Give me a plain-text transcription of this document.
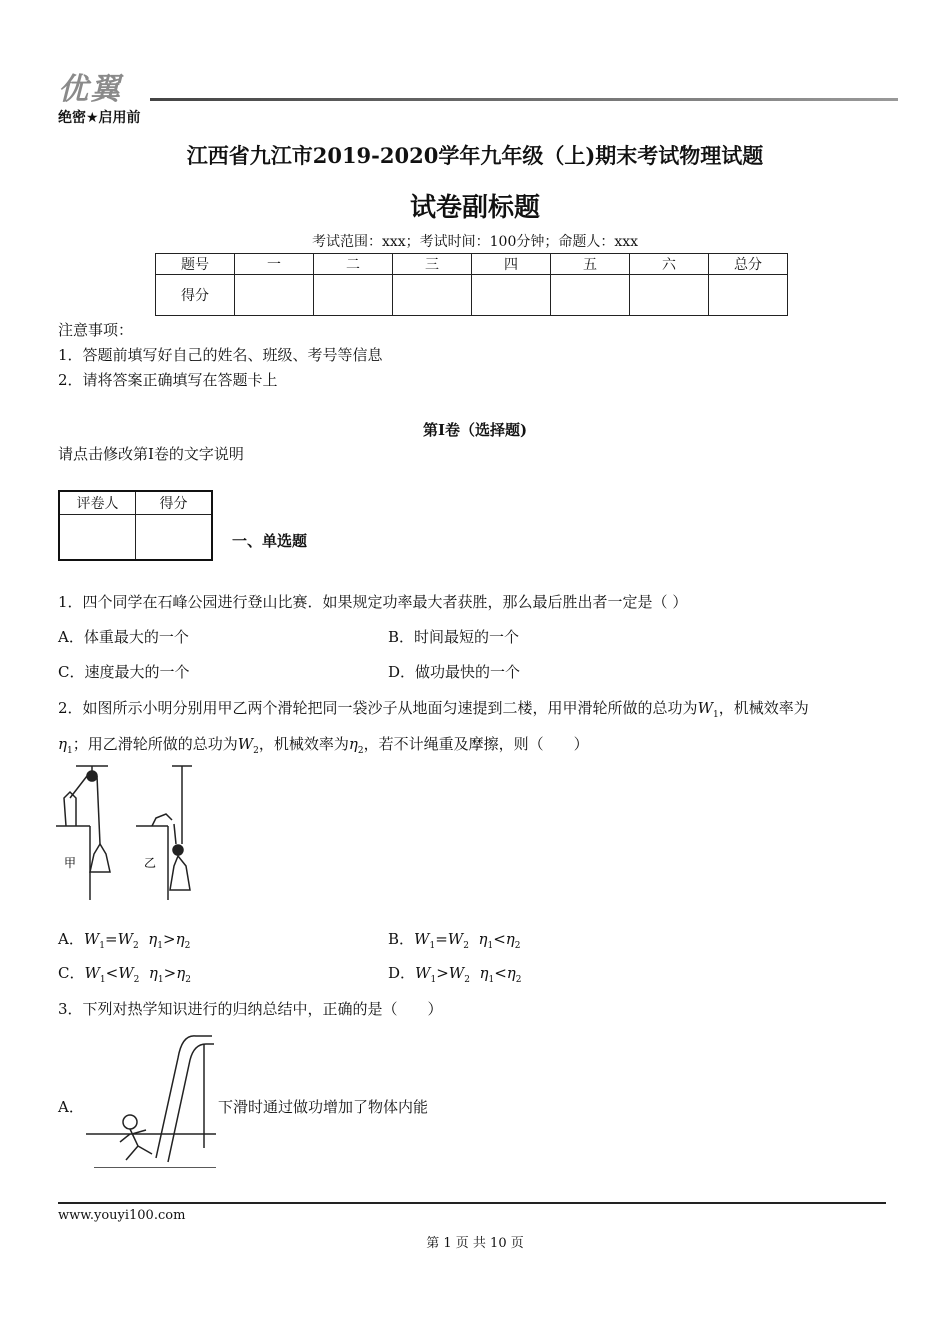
优翼
绝密★启用前
江西省九江市2019-2020学年九年级（上)期末考试物理试题
试卷副标题
考试范围：xxx；考试时间：100分钟；命题人：xxx
题号	一	二	三	四	五	六	总分
得分							
注意事项：
1．答题前填写好自己的姓名、班级、考号等信息
2．请将答案正确填写在答题卡上
第I卷（选择题)
请点击修改第I卷的文字说明
评卷人	得分

一、单选题
1．四个同学在石峰公园进行登山比赛．如果规定功率最大者获胜，那么最后胜出者一定是（ ）
A．体重最大的一个	B．时间最短的一个
C．速度最大的一个	D．做功最快的一个
2．如图所示小明分别用甲乙两个滑轮把同一袋沙子从地面匀速提到二楼，用甲滑轮所做的总功为$W_1$，机械效率为
$\eta_1$；用乙滑轮所做的总功为$W_2$，机械效率为$\eta_2$，若不计绳重及摩擦，则（　　）
甲	乙
A．$W_1=W_2$ $\eta_1>\eta_2$	B．$W_1=W_2$ $\eta_1<\eta_2$
C．$W_1<W_2$ $\eta_1>\eta_2$	D．$W_1>W_2$ $\eta_1<\eta_2$
3．下列对热学知识进行的归纳总结中，正确的是（　　）
A．	下滑时通过做功增加了物体内能
www.youyi100.com
第 1 页 共 10 页
